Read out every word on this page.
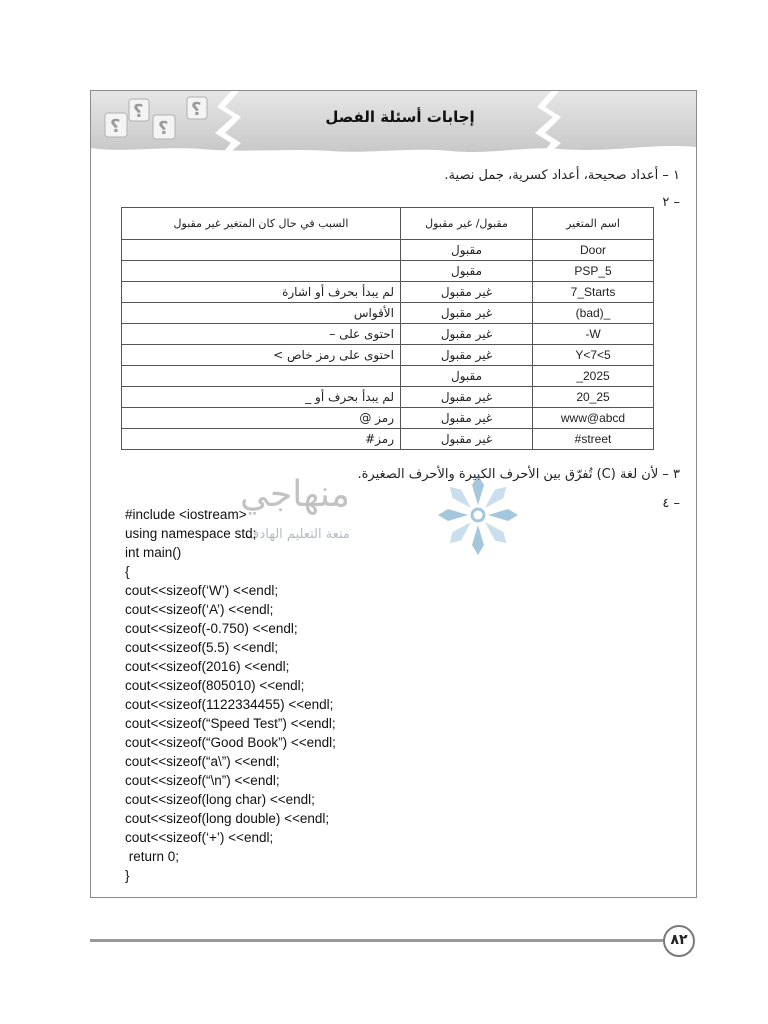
؟
؟
؟
؟	إجابات أسئلة الفصل
١ – أعداد صحيحة، أعداد كسرية، جمل نصية.
– ٢
اسم المتغير	مقبول/ غير مقبول	السبب في حال كان المتغير غير مقبول
Door	مقبول	
PSP_5	مقبول	
7_Starts	غير مقبول	لم يبدأ بحرف أو اشارة
(bad)_	غير مقبول	الأقواس
-W	غير مقبول	احتوى على –
Y<7<5	غير مقبول	احتوى على رمز خاص >
_2025	مقبول	
20_25	غير مقبول	لم يبدأ بحرف أو _
www@abcd	غير مقبول	رمز @
#street	غير مقبول	رمز#
٣ – لأن لغة (C) تُفرّق بين الأحرف الكبيرة والأحرف الصغيرة.
– ٤
منهاجي
متعة التعليم الهادف
#include <iostream>
using namespace std;
int main()
{
cout<<sizeof(‘W’) <<endl;
cout<<sizeof(‘A’) <<endl;
cout<<sizeof(-0.750) <<endl;
cout<<sizeof(5.5) <<endl;
cout<<sizeof(2016) <<endl;
cout<<sizeof(805010) <<endl;
cout<<sizeof(1122334455) <<endl;
cout<<sizeof(“Speed Test”) <<endl;
cout<<sizeof(“Good Book”) <<endl;
cout<<sizeof(“a\”) <<endl;
cout<<sizeof(“\n”) <<endl;
cout<<sizeof(long char) <<endl;
cout<<sizeof(long double) <<endl;
cout<<sizeof(‘+’) <<endl;
return 0;
}
٨٢
